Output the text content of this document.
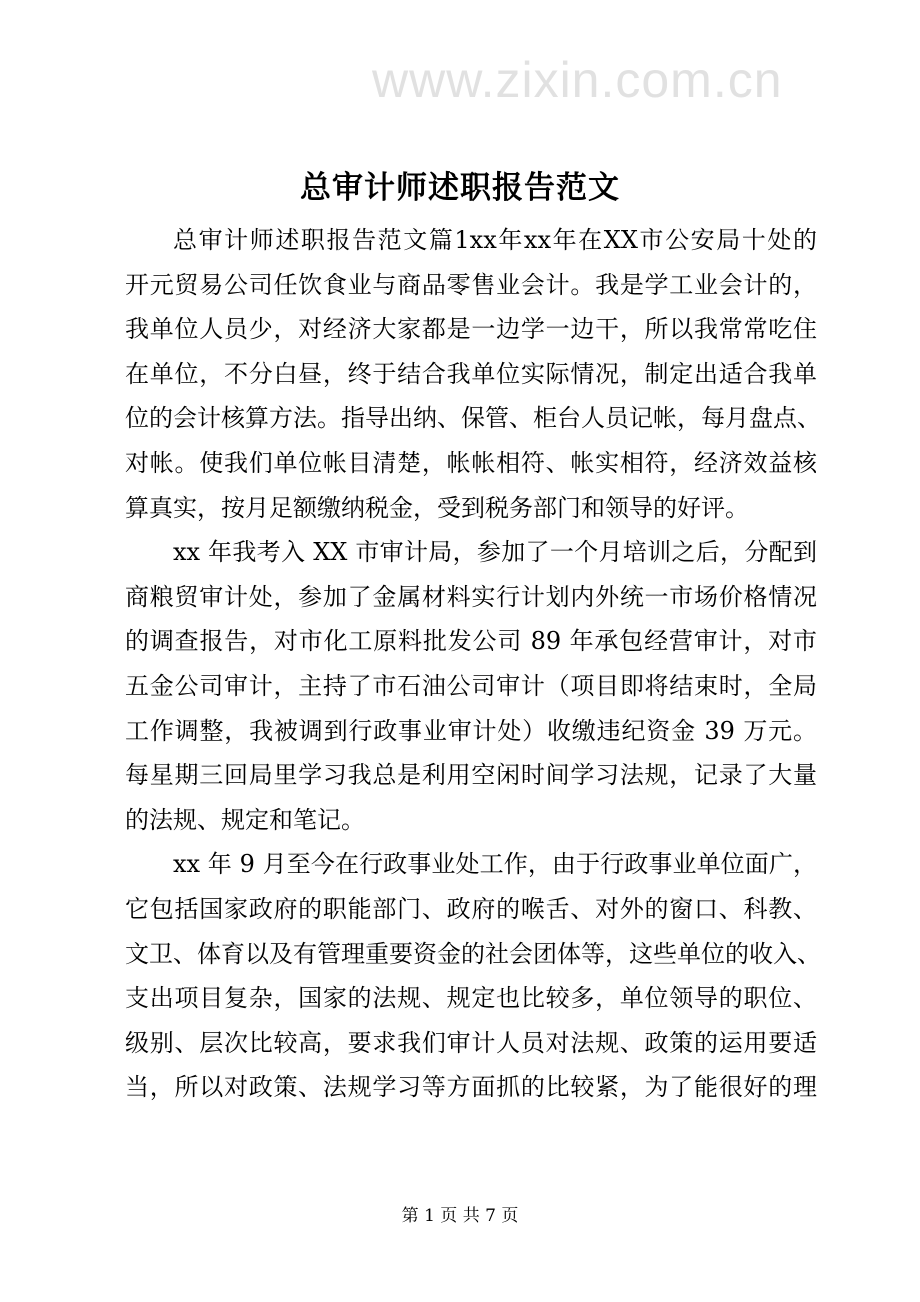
总审计师述职报告范文
www.zixin.com.cn
总审计师述职报告范文篇1xx年xx年在XX市公安局十处的
开元贸易公司任饮食业与商品零售业会计。我是学工业会计的，
我单位人员少，对经济大家都是一边学一边干，所以我常常吃住
在单位，不分白昼，终于结合我单位实际情况，制定出适合我单
位的会计核算方法。指导出纳、保管、柜台人员记帐，每月盘点、
对帐。使我们单位帐目清楚，帐帐相符、帐实相符，经济效益核
算真实，按月足额缴纳税金，受到税务部门和领导的好评。
xx 年我考入 XX 市审计局，参加了一个月培训之后，分配到
商粮贸审计处，参加了金属材料实行计划内外统一市场价格情况
的调查报告，对市化工原料批发公司 89 年承包经营审计，对市
五金公司审计，主持了市石油公司审计（项目即将结束时，全局
工作调整，我被调到行政事业审计处）收缴违纪资金 39 万元。
每星期三回局里学习我总是利用空闲时间学习法规，记录了大量
的法规、规定和笔记。
xx 年 9 月至今在行政事业处工作，由于行政事业单位面广，
它包括国家政府的职能部门、政府的喉舌、对外的窗口、科教、
文卫、体育以及有管理重要资金的社会团体等，这些单位的收入、
支出项目复杂，国家的法规、规定也比较多，单位领导的职位、
级别、层次比较高，要求我们审计人员对法规、政策的运用要适
当，所以对政策、法规学习等方面抓的比较紧，为了能很好的理
第 1 页 共 7 页
